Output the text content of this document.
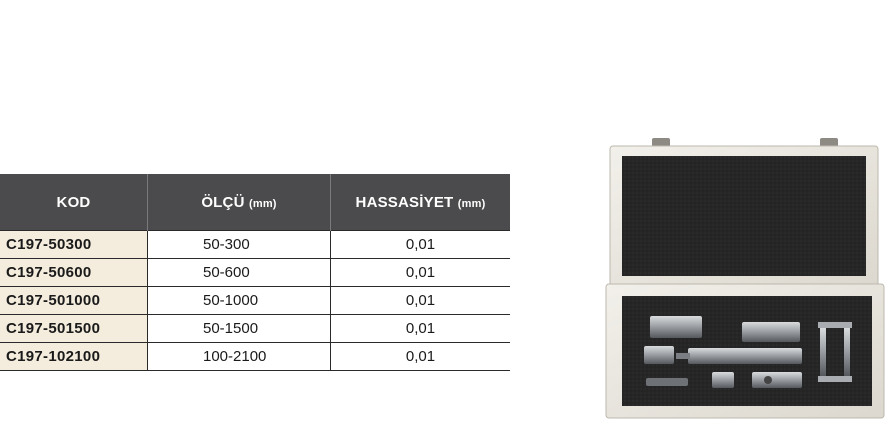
KOD	ÖLÇÜ (mm)	HASSASİYET (mm)
C197-50300	50-300	0,01
C197-50600	50-600	0,01
C197-501000	50-1000	0,01
C197-501500	50-1500	0,01
C197-102100	100-2100	0,01
